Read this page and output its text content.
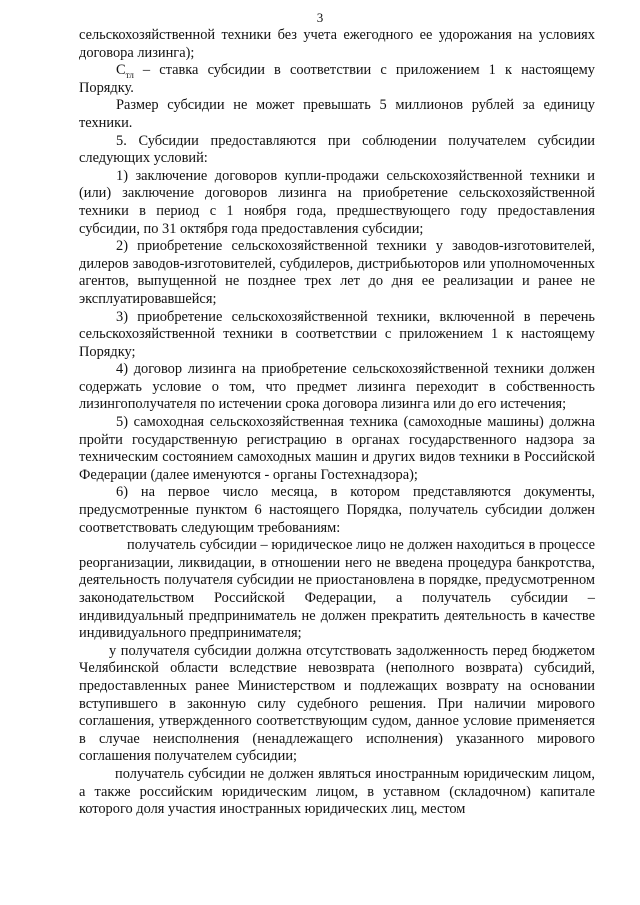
3

сельскохозяйственной техники без учета ежегодного ее удорожания на условиях договора лизинга);

$С_{тл}$ – ставка субсидии в соответствии с приложением 1 к настоящему Порядку.

Размер субсидии не может превышать 5 миллионов рублей за единицу техники.

5. Субсидии предоставляются при соблюдении получателем субсидии следующих условий:

1) заключение договоров купли-продажи сельскохозяйственной техники и (или) заключение договоров лизинга на приобретение сельскохозяйственной техники в период с 1 ноября года, предшествующего году предоставления субсидии, по 31 октября года предоставления субсидии;

2) приобретение сельскохозяйственной техники у заводов-изготовителей, дилеров заводов-изготовителей, субдилеров, дистрибьюторов или уполномоченных агентов, выпущенной не позднее трех лет до дня ее реализации и ранее не эксплуатировавшейся;

3) приобретение сельскохозяйственной техники, включенной в перечень сельскохозяйственной техники в соответствии с приложением 1 к настоящему Порядку;

4) договор лизинга на приобретение сельскохозяйственной техники должен содержать условие о том, что предмет лизинга переходит в собственность лизингополучателя по истечении срока договора лизинга или до его истечения;

5) самоходная сельскохозяйственная техника (самоходные машины) должна пройти государственную регистрацию в органах государственного надзора за техническим состоянием самоходных машин и других видов техники в Российской Федерации (далее именуются - органы Гостехнадзора);

6) на первое число месяца, в котором представляются документы, предусмотренные пунктом 6 настоящего Порядка, получатель субсидии должен соответствовать следующим требованиям:

получатель субсидии – юридическое лицо не должен находиться в процессе реорганизации, ликвидации, в отношении него не введена процедура банкротства, деятельность получателя субсидии не приостановлена в порядке, предусмотренном законодательством Российской Федерации, а получатель субсидии – индивидуальный предприниматель не должен прекратить деятельность в качестве индивидуального предпринимателя;

у получателя субсидии должна отсутствовать задолженность перед бюджетом Челябинской области вследствие невозврата (неполного возврата) субсидий, предоставленных ранее Министерством и подлежащих возврату на основании вступившего в законную силу судебного решения. При наличии мирового соглашения, утвержденного соответствующим судом, данное условие применяется в случае неисполнения (ненадлежащего исполнения) указанного мирового соглашения получателем субсидии;

получатель субсидии не должен являться иностранным юридическим лицом, а также российским юридическим лицом, в уставном (складочном) капитале которого доля участия иностранных юридических лиц, местом
